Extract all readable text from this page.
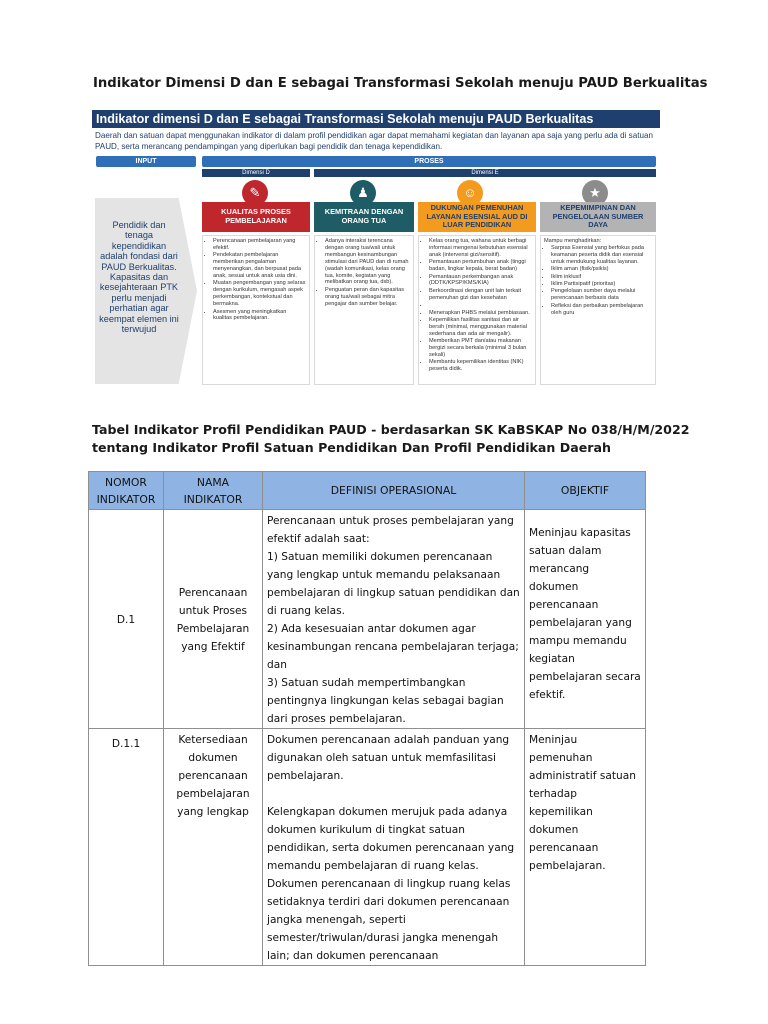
Indikator Dimensi D dan E sebagai Transformasi Sekolah menuju PAUD Berkualitas
Indikator dimensi D dan E sebagai Transformasi Sekolah menuju PAUD Berkualitas
Daerah dan satuan dapat menggunakan indikator di dalam profil pendidikan agar dapat memahami kegiatan dan layanan apa saja yang perlu ada di satuan PAUD, serta merancang pendampingan yang diperlukan bagi pendidik dan tenaga kependidikan.
INPUT	PROSES
Dimensi D	Dimensi E
Pendidik dan tenaga kependidikan adalah fondasi dari PAUD Berkualitas. Kapasitas dan kesejahteraan PTK perlu menjadi perhatian agar keempat elemen ini terwujud
✎
KUALITAS PROSES PEMBELAJARAN
• Perencanaan pembelajaran yang efektif.
• Pendekatan pembelajaran memberikan pengalaman menyenangkan, dan berpusat pada anak, sesuai untuk anak usia dini.
• Muatan pengembangan yang selaras dengan kurikulum, mengasah aspek perkembangan, kontekstual dan bermakna.
• Asesmen yang meningkatkan kualitas pembelajaran.
♟
KEMITRAAN DENGAN ORANG TUA
• Adanya interaksi terencana dengan orang tua/wali untuk membangun kesinambungan stimulasi dari PAUD dan di rumah (wadah komunikasi, kelas orang tua, komite, kegiatan yang melibatkan orang tua, dsb).
• Penguatan peran dan kapasitas orang tua/wali sebagai mitra pengajar dan sumber belajar.
☺
DUKUNGAN PEMENUHAN LAYANAN ESENSIAL AUD DI LUAR PENDIDIKAN
• Kelas orang tua, wahana untuk berbagi informasi mengenai kebutuhan esensial anak (intervensi gizi/sensitif).
• Pemantauan pertumbuhan anak (tinggi badan, lingkar kepala, berat badan)
• Pemantauan perkembangan anak (DDTK/KPSP/KMS/KIA)
• Berkoordinasi dengan unit lain terkait pemenuhan gizi dan kesehatan
•
• Menerapkan PHBS melalui pembiasaan.
• Kepemilikan fasilitas sanitasi dan air bersih (minimal, menggunakan material sederhana dan ada air mengalir).
• Memberikan PMT dan/atau makanan bergizi secara berkala (minimal 3 bulan sekali)
• Membantu kepemilikan identitas (NIK) peserta didik.
★
KEPEMIMPINAN DAN PENGELOLAAN SUMBER DAYA

Mampu menghadirkan:

• Sarpras Esensial yang berfokus pada keamanan peserta didik dan esensial untuk mendukung kualitas layanan.
• Iklim aman (fisik/psikis)
• Iklim inklusif
• Iklim Partisipatif (prioritas)
• Pengelolaan sumber daya melalui perencanaan berbasis data
• Refleksi dan perbaikan pembelajaran oleh guru
Tabel Indikator Profil Pendidikan PAUD - berdasarkan SK KaBSKAP No 038/H/M/2022 tentang Indikator Profil Satuan Pendidikan Dan Profil Pendidikan Daerah
NOMOR INDIKATOR	NAMA INDIKATOR	DEFINISI OPERASIONAL	OBJEKTIF
D.1	Perencanaan untuk Proses Pembelajaran yang Efektif	Perencanaan untuk proses pembelajaran yang efektif adalah saat:

1) Satuan memiliki dokumen perencanaan yang lengkap untuk memandu pelaksanaan pembelajaran di lingkup satuan pendidikan dan di ruang kelas.

2) Ada kesesuaian antar dokumen agar kesinambungan rencana pembelajaran terjaga; dan

3) Satuan sudah mempertimbangkan pentingnya lingkungan kelas sebagai bagian dari proses pembelajaran.	Meninjau kapasitas satuan dalam merancang dokumen perencanaan pembelajaran yang mampu memandu kegiatan pembelajaran secara efektif.
D.1.1	Ketersediaan dokumen perencanaan pembelajaran yang lengkap	Dokumen perencanaan adalah panduan yang digunakan oleh satuan untuk memfasilitasi pembelajaran.

Kelengkapan dokumen merujuk pada adanya dokumen kurikulum di tingkat satuan pendidikan, serta dokumen perencanaan yang memandu pembelajaran di ruang kelas. Dokumen perencanaan di lingkup ruang kelas setidaknya terdiri dari dokumen perencanaan jangka menengah, seperti semester/triwulan/durasi jangka menengah lain; dan dokumen perencanaan	Meninjau pemenuhan administratif satuan terhadap kepemilikan dokumen perencanaan pembelajaran.
